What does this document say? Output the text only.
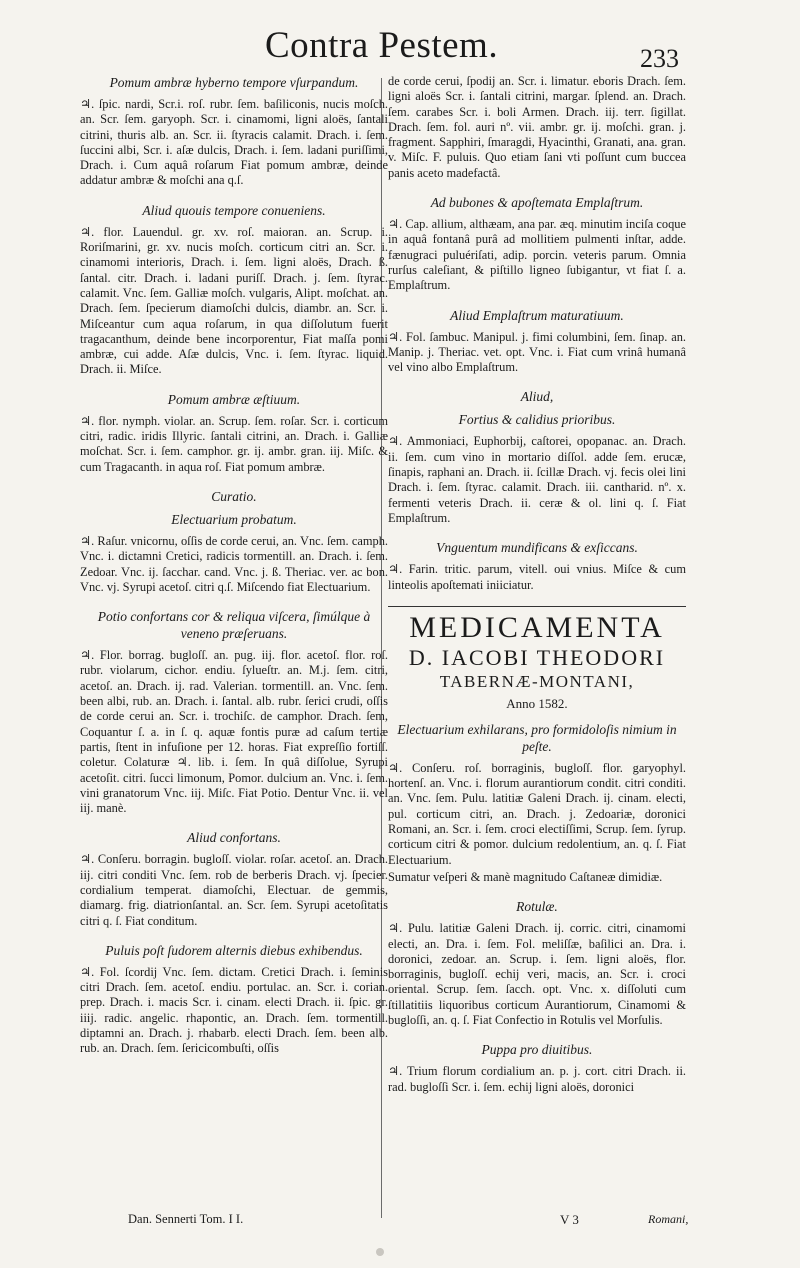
Contra Pestem.	233
Pomum ambræ hyberno tempore vſurpandum.
♃. ſpic. nardi, Scr.i. roſ. rubr. ſem. baſiliconis, nucis moſch. an. Scr. ſem. garyoph. Scr. i. cinamomi, ligni aloës, ſantali citrini, thuris alb. an. Scr. ii. ſtyracis calamit. Drach. i. ſem. ſuccini albi, Scr. i. aſæ dulcis, Drach. i. ſem. ladani puriſſimi, Drach. i. Cum aquâ roſarum Fiat pomum ambræ, deinde addatur ambræ & moſchi ana q.ſ.
Aliud quouis tempore conueniens.
♃. flor. Lauendul. gr. xv. roſ. maioran. an. Scrup. i. Roriſmarini, gr. xv. nucis moſch. corticum citri an. Scr. i. cinamomi interioris, Drach. i. ſem. ligni aloës, Drach. ß. ſantal. citr. Drach. i. ladani puriſſ. Drach. j. ſem. ſtyrac. calamit. Vnc. ſem. Galliæ moſch. vulgaris, Alipt. moſchat. an. Drach. ſem. ſpecierum diamoſchi dulcis, diambr. an. Scr. i. Miſceantur cum aqua roſarum, in qua diſſolutum fuerit tragacanthum, deinde bene incorporentur, Fiat maſſa pomi ambræ, cui adde. Aſæ dulcis, Vnc. i. ſem. ſtyrac. liquid. Drach. ii. Miſce.
Pomum ambræ æſtiuum.
♃. flor. nymph. violar. an. Scrup. ſem. roſar. Scr. i. corticum citri, radic. iridis Illyric. ſantali citrini, an. Drach. i. Galliæ moſchat. Scr. i. ſem. camphor. gr. ij. ambr. gran. iij. Miſc. & cum Tragacanth. in aqua roſ. Fiat pomum ambræ.
Curatio.
Electuarium probatum.
♃. Raſur. vnicornu, oſſis de corde cerui, an. Vnc. ſem. camph. Vnc. i. dictamni Cretici, radicis tormentill. an. Drach. i. ſem. Zedoar. Vnc. ij. ſacchar. cand. Vnc. j. ß. Theriac. ver. ac bon. Vnc. vj. Syrupi acetoſ. citri q.ſ. Miſcendo fiat Electuarium.
Potio confortans cor & reliqua viſcera, ſimúlque à veneno præſeruans.
♃. Flor. borrag. bugloſſ. an. pug. iij. flor. acetoſ. flor. roſ. rubr. violarum, cichor. endiu. ſylueſtr. an. M.j. ſem. citri, acetoſ. an. Drach. ij. rad. Valerian. tormentill. an. Vnc. ſem. been albi, rub. an. Drach. i. ſantal. alb. rubr. ſerici crudi, oſſis de corde cerui an. Scr. i. trochiſc. de camphor. Drach. ſem, Coquantur ſ. a. in ſ. q. aquæ fontis puræ ad caſum tertiæ partis, ſtent in infuſione per 12. horas. Fiat expreſſio fortiſſ. coletur. Colaturæ ♃. lib. i. ſem. In quâ diſſolue, Syrupi acetoſit. citri. ſucci limonum, Pomor. dulcium an. Vnc. i. ſem. vini granatorum Vnc. iij. Miſc. Fiat Potio. Dentur Vnc. ii. vel iij. manè.
Aliud confortans.
♃. Conſeru. borragin. bugloſſ. violar. roſar. acetoſ. an. Drach. iij. citri conditi Vnc. ſem. rob de berberis Drach. vj. ſpecier. cordialium temperat. diamoſchi, Electuar. de gemmis, diamarg. frig. diatrionſantal. an. Scr. ſem. Syrupi acetoſitatis citri q. ſ. Fiat conditum.
Puluis poſt ſudorem alternis diebus exhibendus.
♃. Fol. ſcordij Vnc. ſem. dictam. Cretici Drach. i. ſeminis citri Drach. ſem. acetoſ. endiu. portulac. an. Scr. i. corian. prep. Drach. i. macis Scr. i. cinam. electi Drach. ii. ſpic. gr. iiij. radic. angelic. rhapontic, an. Drach. ſem. tormentill. diptamni an. Drach. j. rhabarb. electi Drach. ſem. been alb. rub. an. Drach. ſem. ſericicombuſti, oſſis
de corde cerui, ſpodij an. Scr. i. limatur. eboris Drach. ſem. ligni aloës Scr. i. ſantali citrini, margar. ſplend. an. Drach. ſem. carabes Scr. i. boli Armen. Drach. iij. terr. ſigillat. Drach. ſem. fol. auri nº. vii. ambr. gr. ij. moſchi. gran. j. fragment. Sapphiri, ſmaragdi, Hyacinthi, Granati, ana. gran. v. Miſc. F. puluis. Quo etiam ſani vti poſſunt cum buccea panis aceto madefactâ.
Ad bubones & apoſtemata Emplaſtrum.
♃. Cap. allium, althæam, ana par. æq. minutim inciſa coque in aquâ fontanâ purâ ad mollitiem pulmenti inſtar, adde. fænugraci puluériſati, adip. porcin. veteris parum. Omnia rurſus caleſiant, & piſtillo ligneo ſubigantur, vt fiat ſ. a. Emplaſtrum.
Aliud Emplaſtrum maturatiuum.
♃. Fol. ſambuc. Manipul. j. fimi columbini, ſem. ſinap. an. Manip. j. Theriac. vet. opt. Vnc. i. Fiat cum vrinâ humanâ vel vino albo Emplaſtrum.
Aliud,
Fortius & calidius prioribus.
♃. Ammoniaci, Euphorbij, caſtorei, opopanac. an. Drach. ii. ſem. cum vino in mortario diſſol. adde ſem. erucæ, ſinapis, raphani an. Drach. ii. ſcillæ Drach. vj. fecis olei lini Drach. i. ſem. ſtyrac. calamit. Drach. iii. cantharid. nº. x. fermenti veteris Drach. ii. ceræ & ol. lini q. ſ. Fiat Emplaſtrum.
Vnguentum mundificans & exſiccans.
♃. Farin. tritic. parum, vitell. oui vnius. Miſce & cum linteolis apoſtemati iniiciatur.
MEDICAMENTA
D. IACOBI THEODORI
TABERNÆ-MONTANI,
Anno 1582.
Electuarium exhilarans, pro formidoloſis nimium in peſte.
♃. Conſeru. roſ. borraginis, bugloſſ. flor. garyophyl. hortenſ. an. Vnc. i. florum aurantiorum condit. citri conditi. an. Vnc. ſem. Pulu. latitiæ Galeni Drach. ij. cinam. electi, pul. corticum citri, an. Drach. j. Zedoariæ, doronici Romani, an. Scr. i. ſem. croci electiſſimi, Scrup. ſem. ſyrup. corticum citri & pomor. dulcium redolentium, an. q. ſ. Fiat Electuarium.
Sumatur veſperi & manè magnitudo Caſtaneæ dimidiæ.
Rotulæ.
♃. Pulu. latitiæ Galeni Drach. ij. corric. citri, cinamomi electi, an. Dra. i. ſem. Fol. meliſſæ, baſilici an. Dra. i. doronici, zedoar. an. Scrup. i. ſem. ligni aloës, flor. borraginis, bugloſſ. echij veri, macis, an. Scr. i. croci oriental. Scrup. ſem. ſacch. opt. Vnc. x. diſſoluti cum ſtillatitiis liquoribus corticum Aurantiorum, Cinamomi & bugloſſi, an. q. ſ. Fiat Confectio in Rotulis vel Morſulis.
Puppa pro diuitibus.
♃. Trium florum cordialium an. p. j. cort. citri Drach. ii. rad. bugloſſi Scr. i. ſem. echij ligni aloës, doronici
Dan. Sennerti Tom. I I.	V 3	Romani,
